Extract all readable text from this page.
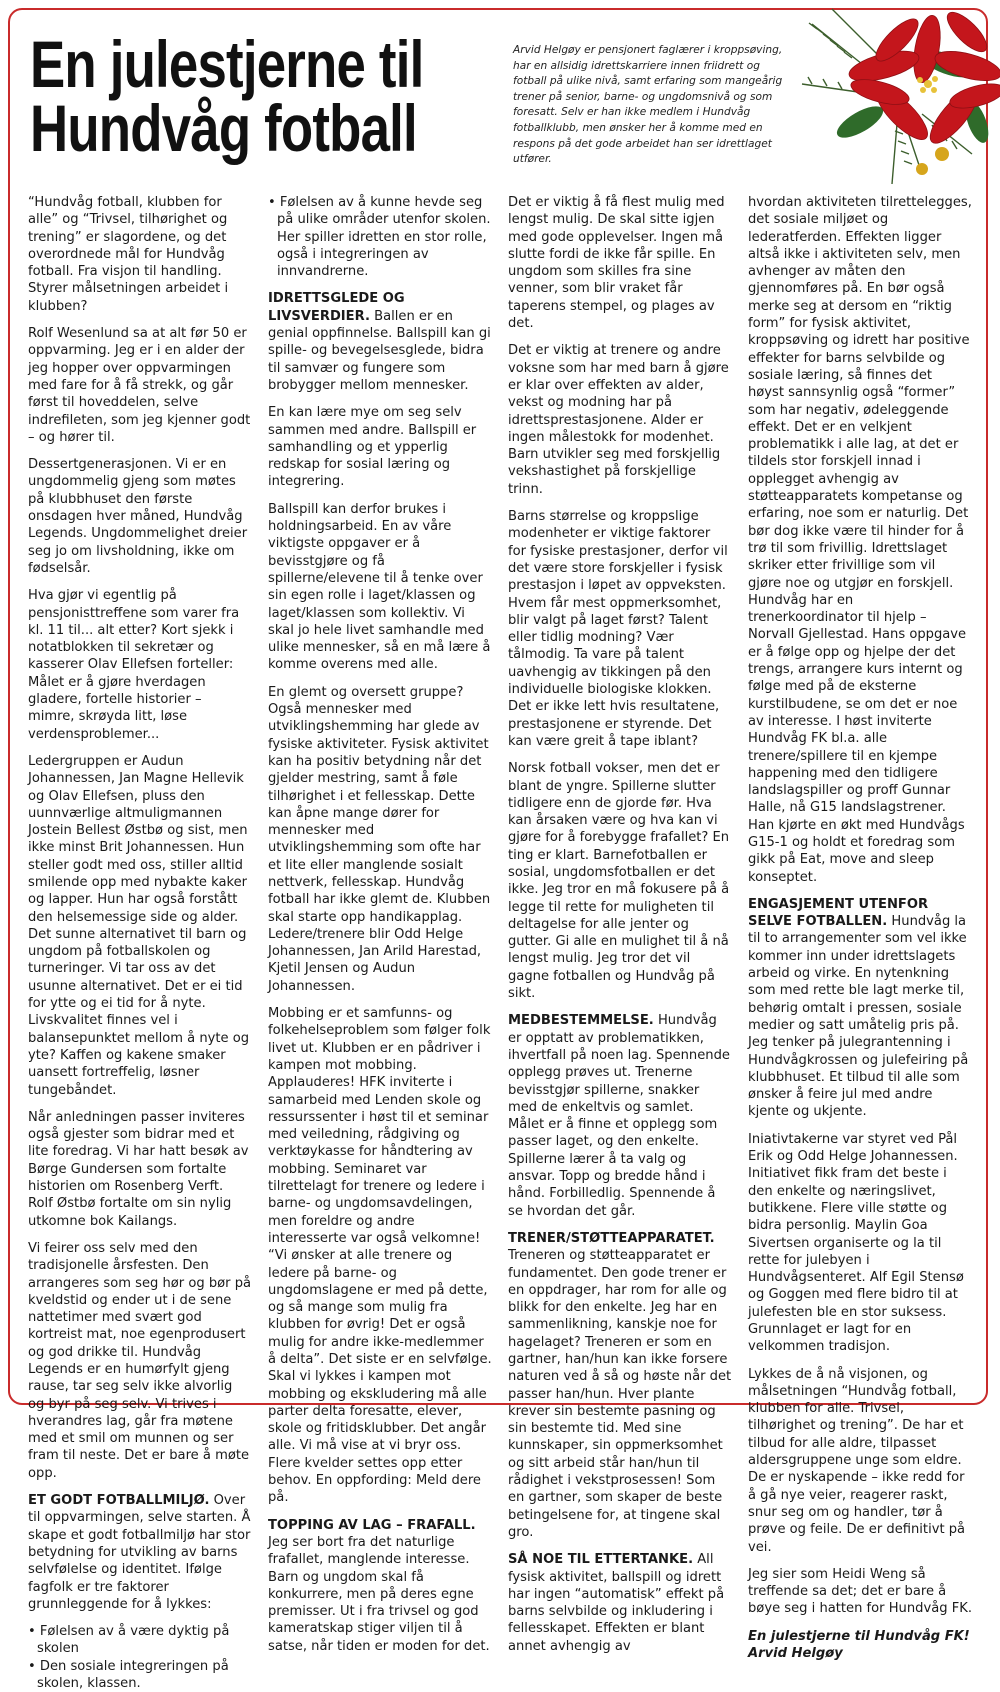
En julestjerne til Hundvåg fotball
Arvid Helgøy er pensjonert faglærer i kroppsøving, har en allsidig idrettskarriere innen friidrett og fotball på ulike nivå, samt erfaring som mangeårig trener på senior, barne- og ungdomsnivå og som foresatt. Selv er han ikke medlem i Hundvåg fotballklubb, men ønsker her å komme med en respons på det gode arbeidet han ser idrettlaget utfører.

“Hundvåg fotball, klubben for alle” og “Trivsel, tilhørighet og trening” er slagordene, og det overordnede mål for Hundvåg fotball. Fra visjon til handling. Styrer målsetningen arbeidet i klubben?

Rolf Wesenlund sa at alt før 50 er oppvarming. Jeg er i en alder der jeg hopper over oppvarmingen med fare for å få strekk, og går først til hoveddelen, selve indrefileten, som jeg kjenner godt – og hører til.

Dessertgenerasjonen. Vi er en ungdommelig gjeng som møtes på klubbhuset den første onsdagen hver måned, Hundvåg Legends. Ungdommelighet dreier seg jo om livsholdning, ikke om fødselsår.

Hva gjør vi egentlig på pensjonisttreffene som varer fra kl. 11 til... alt etter? Kort sjekk i notatblokken til sekretær og kasserer Olav Ellefsen forteller: Målet er å gjøre hverdagen gladere, fortelle historier – mimre, skrøyda litt, løse verdensproblemer...

Ledergruppen er Audun Johannessen, Jan Magne Hellevik og Olav Ellefsen, pluss den uunnværlige altmuligmannen Jostein Bellest Østbø og sist, men ikke minst Brit Johannessen. Hun steller godt med oss, stiller alltid smilende opp med nybakte kaker og lapper. Hun har også forstått den helsemessige side og alder. Det sunne alternativet til barn og ungdom på fotballskolen og turneringer. Vi tar oss av det usunne alternativet. Det er ei tid for ytte og ei tid for å nyte. Livskvalitet finnes vel i balansepunktet mellom å nyte og yte? Kaffen og kakene smaker uansett fortreffelig, løsner tungebåndet.

Når anledningen passer inviteres også gjester som bidrar med et lite foredrag. Vi har hatt besøk av Børge Gundersen som fortalte historien om Rosenberg Verft. Rolf Østbø fortalte om sin nylig utkomne bok Kailangs.

Vi feirer oss selv med den tradisjonelle årsfesten. Den arrangeres som seg hør og bør på kveldstid og ender ut i de sene nattetimer med svært god kortreist mat, noe egenprodusert og god drikke til. Hundvåg Legends er en humørfylt gjeng rause, tar seg selv ikke alvorlig og byr på seg selv. Vi trives i hverandres lag, går fra møtene med et smil om munnen og ser fram til neste. Det er bare å møte opp.

ET GODT FOTBALLMILJØ. Over til oppvarmingen, selve starten. Å skape et godt fotballmiljø har stor betydning for utvikling av barns selvfølelse og identitet. Ifølge fagfolk er tre faktorer grunnleggende for å lykkes:

• Følelsen av å være dyktig på skolen
• Den sosiale integreringen på skolen, klassen.
• Følelsen av å kunne hevde seg på ulike områder utenfor skolen. Her spiller idretten en stor rolle, også i integreringen av innvandrerne.

IDRETTSGLEDE OG LIVSVERDIER. Ballen er en genial oppfinnelse. Ballspill kan gi spille- og bevegelsesglede, bidra til samvær og fungere som brobygger mellom mennesker.

En kan lære mye om seg selv sammen med andre. Ballspill er samhandling og et ypperlig redskap for sosial læring og integrering.

Ballspill kan derfor brukes i holdningsarbeid. En av våre viktigste oppgaver er å bevisstgjøre og få spillerne/elevene til å tenke over sin egen rolle i laget/klassen og laget/klassen som kollektiv. Vi skal jo hele livet samhandle med ulike mennesker, så en må lære å komme overens med alle.

En glemt og oversett gruppe? Også mennesker med utviklingshemming har glede av fysiske aktiviteter. Fysisk aktivitet kan ha positiv betydning når det gjelder mestring, samt å føle tilhørighet i et fellesskap. Dette kan åpne mange dører for mennesker med utviklingshemming som ofte har et lite eller manglende sosialt nettverk, fellesskap. Hundvåg fotball har ikke glemt de. Klubben skal starte opp handikapplag. Ledere/trenere blir Odd Helge Johannessen, Jan Arild Harestad, Kjetil Jensen og Audun Johannessen.

Mobbing er et samfunns- og folkehelseproblem som følger folk livet ut. Klubben er en pådriver i kampen mot mobbing. Applauderes! HFK inviterte i samarbeid med Lenden skole og ressurssenter i høst til et seminar med veiledning, rådgiving og verktøykasse for håndtering av mobbing. Seminaret var tilrettelagt for trenere og ledere i barne- og ungdomsavdelingen, men foreldre og andre interesserte var også velkomne! “Vi ønsker at alle trenere og ledere på barne- og ungdomslagene er med på dette, og så mange som mulig fra klubben for øvrig! Det er også mulig for andre ikke-medlemmer å delta”. Det siste er en selvfølge. Skal vi lykkes i kampen mot mobbing og ekskludering må alle parter delta foresatte, elever, skole og fritidsklubber. Det angår alle. Vi må vise at vi bryr oss. Flere kvelder settes opp etter behov. En oppfording: Meld dere på.

TOPPING AV LAG – FRAFALL. Jeg ser bort fra det naturlige frafallet, manglende interesse. Barn og ungdom skal få konkurrere, men på deres egne premisser. Ut i fra trivsel og god kameratskap stiger viljen til å satse, når tiden er moden for det.

Det er viktig å få flest mulig med lengst mulig. De skal sitte igjen med gode opplevelser. Ingen må slutte fordi de ikke får spille. En ungdom som skilles fra sine venner, som blir vraket får taperens stempel, og plages av det.

Det er viktig at trenere og andre voksne som har med barn å gjøre er klar over effekten av alder, vekst og modning har på idrettsprestasjonene. Alder er ingen målestokk for modenhet. Barn utvikler seg med forskjellig vekshastighet på forskjellige trinn.

Barns størrelse og kroppslige modenheter er viktige faktorer for fysiske prestasjoner, derfor vil det være store forskjeller i fysisk prestasjon i løpet av oppveksten. Hvem får mest oppmerksomhet, blir valgt på laget først? Talent eller tidlig modning? Vær tålmodig. Ta vare på talent uavhengig av tikkingen på den individuelle biologiske klokken. Det er ikke lett hvis resultatene, prestasjonene er styrende. Det kan være greit å tape iblant?

Norsk fotball vokser, men det er blant de yngre. Spillerne slutter tidligere enn de gjorde før. Hva kan årsaken være og hva kan vi gjøre for å forebygge frafallet? En ting er klart. Barnefotballen er sosial, ungdomsfotballen er det ikke. Jeg tror en må fokusere på å legge til rette for muligheten til deltagelse for alle jenter og gutter. Gi alle en mulighet til å nå lengst mulig. Jeg tror det vil gagne fotballen og Hundvåg på sikt.

MEDBESTEMMELSE. Hundvåg er opptatt av problematikken, ihvertfall på noen lag. Spennende opplegg prøves ut. Trenerne bevisstgjør spillerne, snakker med de enkeltvis og samlet. Målet er å finne et opplegg som passer laget, og den enkelte. Spillerne lærer å ta valg og ansvar. Topp og bredde hånd i hånd. Forbilledlig. Spennende å se hvordan det går.

TRENER/STØTTEAPPARATET. Treneren og støtteapparatet er fundamentet. Den gode trener er en oppdrager, har rom for alle og blikk for den enkelte. Jeg har en sammenlikning, kanskje noe for hagelaget? Treneren er som en gartner, han/hun kan ikke forsere naturen ved å så og høste når det passer han/hun. Hver plante krever sin bestemte pasning og sin bestemte tid. Med sine kunnskaper, sin oppmerksomhet og sitt arbeid står han/hun til rådighet i vekstprosessen! Som en gartner, som skaper de beste betingelsene for, at tingene skal gro.

SÅ NOE TIL ETTERTANKE. All fysisk aktivitet, ballspill og idrett har ingen “automatisk” effekt på barns selvbilde og inkludering i fellesskapet. Effekten er blant annet avhengig av

hvordan aktiviteten tilrettelegges, det sosiale miljøet og lederatferden. Effekten ligger altså ikke i aktiviteten selv, men avhenger av måten den gjennomføres på. En bør også merke seg at dersom en “riktig form” for fysisk aktivitet, kroppsøving og idrett har positive effekter for barns selvbilde og sosiale læring, så finnes det høyst sannsynlig også “former” som har negativ, ødeleggende effekt. Det er en velkjent problematikk i alle lag, at det er tildels stor forskjell innad i opplegget avhengig av støtteapparatets kompetanse og erfaring, noe som er naturlig. Det bør dog ikke være til hinder for å trø til som frivillig. Idrettslaget skriker etter frivillige som vil gjøre noe og utgjør en forskjell. Hundvåg har en trenerkoordinator til hjelp – Norvall Gjellestad. Hans oppgave er å følge opp og hjelpe der det trengs, arrangere kurs internt og følge med på de eksterne kurstilbudene, se om det er noe av interesse. I høst inviterte Hundvåg FK bl.a. alle trenere/spillere til en kjempe happening med den tidligere landslagspiller og proff Gunnar Halle, nå G15 landslagstrener. Han kjørte en økt med Hundvågs G15-1 og holdt et foredrag som gikk på Eat, move and sleep konseptet.

ENGASJEMENT UTENFOR SELVE FOTBALLEN. Hundvåg la til to arrangementer som vel ikke kommer inn under idrettslagets arbeid og virke. En nytenkning som med rette ble lagt merke til, behørig omtalt i pressen, sosiale medier og satt umåtelig pris på. Jeg tenker på julegrantenning i Hundvågkrossen og julefeiring på klubbhuset. Et tilbud til alle som ønsker å feire jul med andre kjente og ukjente.

Iniativtakerne var styret ved Pål Erik og Odd Helge Johannessen. Initiativet fikk fram det beste i den enkelte og næringslivet, butikkene. Flere ville støtte og bidra personlig. Maylin Goa Sivertsen organiserte og la til rette for julebyen i Hundvågsenteret. Alf Egil Stensø og Goggen med flere bidro til at julefesten ble en stor suksess. Grunnlaget er lagt for en velkommen tradisjon.

Lykkes de å nå visjonen, og målsetningen “Hundvåg fotball, klubben for alle. Trivsel, tilhørighet og trening”. De har et tilbud for alle aldre, tilpasset aldersgruppene unge som eldre. De er nyskapende – ikke redd for å gå nye veier, reagerer raskt, snur seg om og handler, tør å prøve og feile. De er definitivt på vei.

Jeg sier som Heidi Weng så treffende sa det; det er bare å bøye seg i hatten for Hundvåg FK.

En julestjerne til Hundvåg FK!
Arvid Helgøy
